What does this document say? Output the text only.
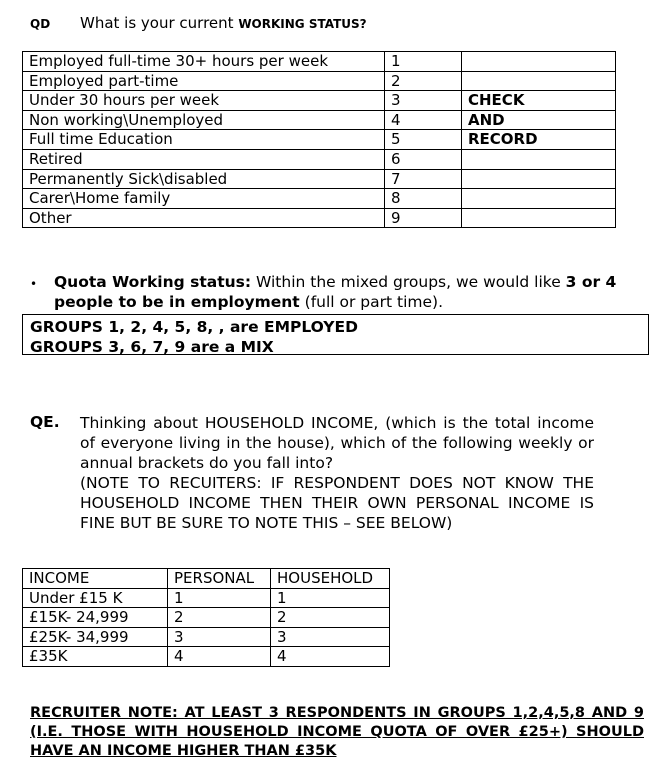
QD What is your current WORKING STATUS?
Employed full-time 30+ hours per week	1	
Employed part-time	2	
Under 30 hours per week	3	CHECK
Non working\Unemployed	4	AND
Full time Education	5	RECORD
Retired	6	
Permanently Sick\disabled	7	
Carer\Home family	8	
Other	9	
• Quota Working status: Within the mixed groups, we would like 3 or 4 people to be in employment (full or part time).
GROUPS 1, 2, 4, 5, 8, , are EMPLOYED
GROUPS 3, 6, 7, 9 are a MIX
QE. Thinking about HOUSEHOLD INCOME, (which is the total income of everyone living in the house), which of the following weekly or annual brackets do you fall into?

(NOTE TO RECUITERS: IF RESPONDENT DOES NOT KNOW THE HOUSEHOLD INCOME THEN THEIR OWN PERSONAL INCOME IS FINE BUT BE SURE TO NOTE THIS – SEE BELOW)

INCOME	PERSONAL	HOUSEHOLD
Under £15 K	1	1
£15K- 24,999	2	2
£25K- 34,999	3	3
£35K	4	4
RECRUITER NOTE: AT LEAST 3 RESPONDENTS IN GROUPS 1,2,4,5,8 AND 9 (I.E. THOSE WITH HOUSEHOLD INCOME QUOTA OF OVER £25+) SHOULD HAVE AN INCOME HIGHER THAN £35K
